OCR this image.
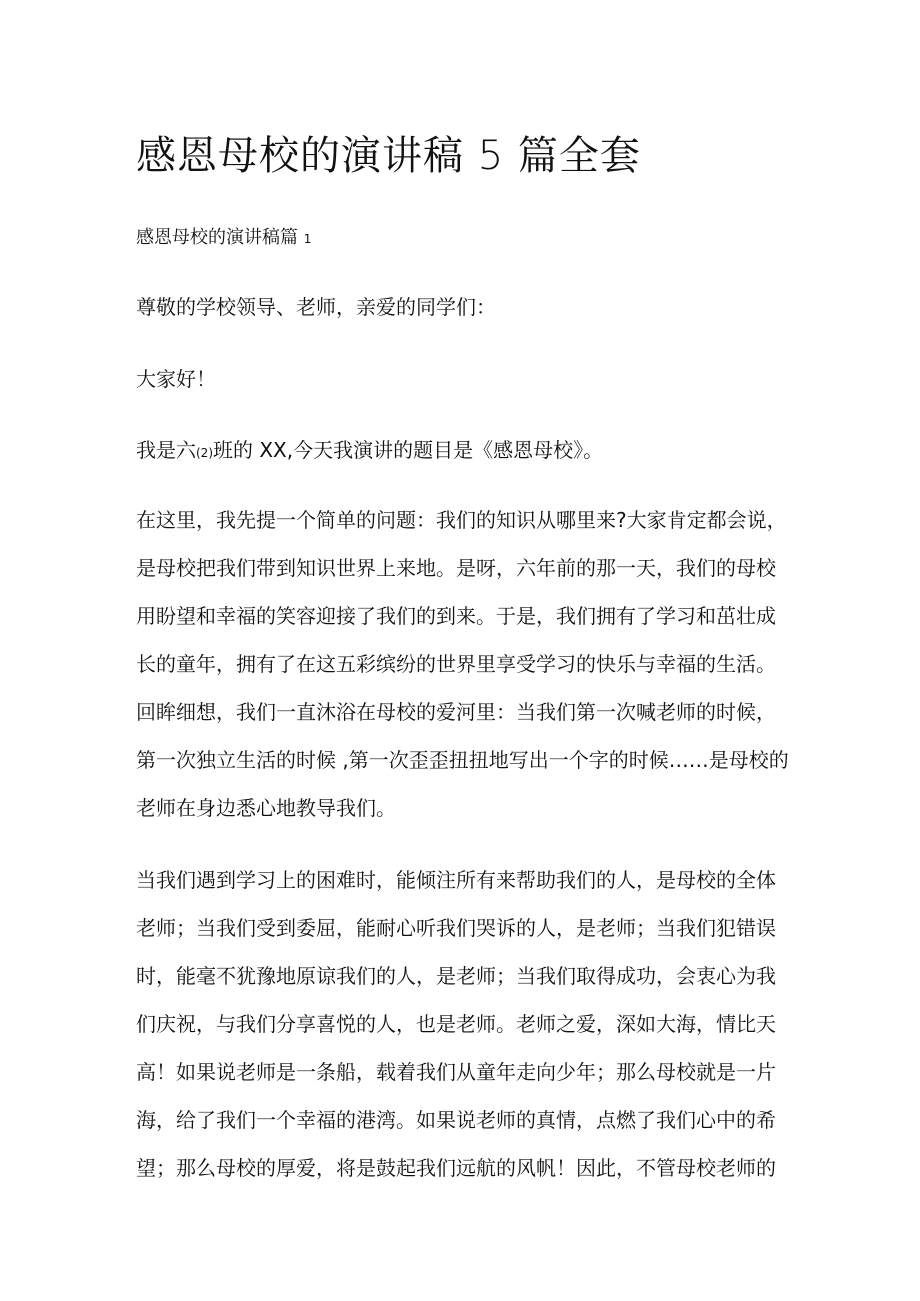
感恩母校的演讲稿 5 篇全套

感恩母校的演讲稿篇 1

尊敬的学校领导、老师，亲爱的同学们：

大家好！

我是六(2)班的 XX,今天我演讲的题目是《感恩母校》。

在这里，我先提一个简单的问题：我们的知识从哪里来?大家肯定都会说，

是母校把我们带到知识世界上来地。是呀，六年前的那一天，我们的母校

用盼望和幸福的笑容迎接了我们的到来。于是，我们拥有了学习和茁壮成

长的童年，拥有了在这五彩缤纷的世界里享受学习的快乐与幸福的生活。

回眸细想，我们一直沐浴在母校的爱河里：当我们第一次喊老师的时候，

第一次独立生活的时候 ,第一次歪歪扭扭地写出一个字的时候……是母校的

老师在身边悉心地教导我们。

当我们遇到学习上的困难时，能倾注所有来帮助我们的人，是母校的全体

老师；当我们受到委屈，能耐心听我们哭诉的人，是老师；当我们犯错误

时，能毫不犹豫地原谅我们的人，是老师；当我们取得成功，会衷心为我

们庆祝，与我们分享喜悦的人，也是老师。老师之爱，深如大海，情比天

高！如果说老师是一条船，载着我们从童年走向少年；那么母校就是一片

海，给了我们一个幸福的港湾。如果说老师的真情，点燃了我们心中的希

望；那么母校的厚爱，将是鼓起我们远航的风帆！因此，不管母校老师的
